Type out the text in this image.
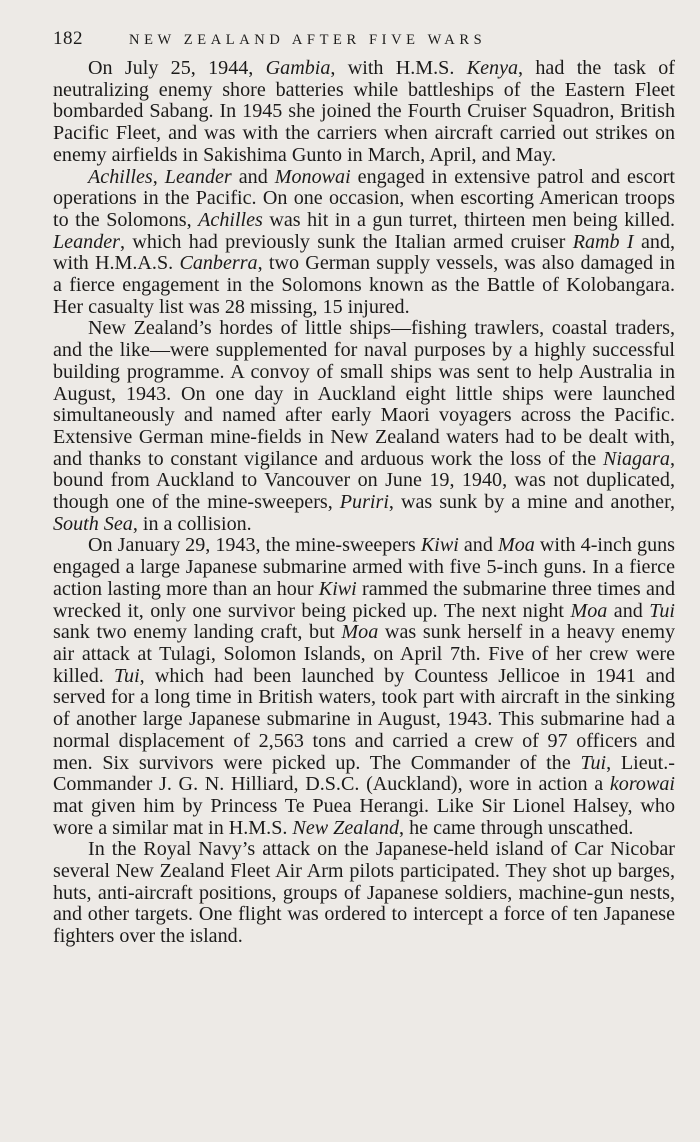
182	NEW ZEALAND AFTER FIVE WARS

On July 25, 1944, Gambia, with H.M.S. Kenya, had the task of neutralizing enemy shore batteries while battleships of the Eastern Fleet bombarded Sabang. In 1945 she joined the Fourth Cruiser Squadron, British Pacific Fleet, and was with the carriers when aircraft carried out strikes on enemy airfields in Sakishima Gunto in March, April, and May.

Achilles, Leander and Monowai engaged in extensive patrol and escort operations in the Pacific. On one occasion, when escorting American troops to the Solomons, Achilles was hit in a gun turret, thirteen men being killed. Leander, which had previously sunk the Italian armed cruiser Ramb I and, with H.M.A.S. Canberra, two German supply vessels, was also damaged in a fierce engagement in the Solomons known as the Battle of Kolobangara. Her casualty list was 28 missing, 15 injured.

New Zealand’s hordes of little ships—fishing trawlers, coastal traders, and the like—were supplemented for naval purposes by a highly successful building programme. A convoy of small ships was sent to help Australia in August, 1943. On one day in Auckland eight little ships were launched simultaneously and named after early Maori voyagers across the Pacific. Extensive German mine-fields in New Zealand waters had to be dealt with, and thanks to constant vigilance and arduous work the loss of the Niagara, bound from Auckland to Vancouver on June 19, 1940, was not duplicated, though one of the mine-sweepers, Puriri, was sunk by a mine and another, South Sea, in a collision.

On January 29, 1943, the mine-sweepers Kiwi and Moa with 4-inch guns engaged a large Japanese submarine armed with five 5-inch guns. In a fierce action lasting more than an hour Kiwi rammed the submarine three times and wrecked it, only one survivor being picked up. The next night Moa and Tui sank two enemy landing craft, but Moa was sunk herself in a heavy enemy air attack at Tulagi, Solomon Islands, on April 7th. Five of her crew were killed. Tui, which had been launched by Countess Jellicoe in 1941 and served for a long time in British waters, took part with aircraft in the sinking of another large Japanese submarine in August, 1943. This submarine had a normal displacement of 2,563 tons and carried a crew of 97 officers and men. Six survivors were picked up. The Commander of the Tui, Lieut.-Commander J. G. N. Hilliard, D.S.C. (Auckland), wore in action a korowai mat given him by Princess Te Puea Herangi. Like Sir Lionel Halsey, who wore a similar mat in H.M.S. New Zealand, he came through unscathed.

In the Royal Navy’s attack on the Japanese-held island of Car Nicobar several New Zealand Fleet Air Arm pilots participated. They shot up barges, huts, anti-aircraft positions, groups of Japanese soldiers, machine-gun nests, and other targets. One flight was ordered to intercept a force of ten Japanese fighters over the island.
